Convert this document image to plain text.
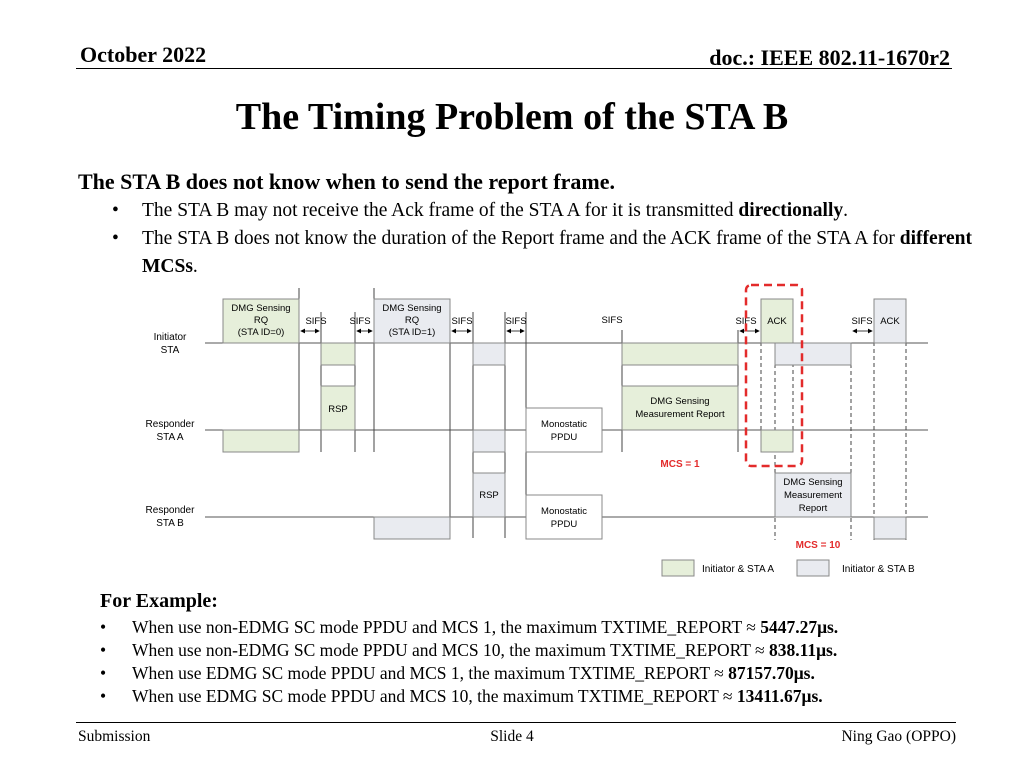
October 2022	doc.: IEEE 802.11-1670r2
The Timing Problem of the STA B
The STA B does not know when to send the report frame.
• The STA B may not receive the Ack frame of the STA A for it is transmitted directionally.
• The STA B does not know the duration of the Report frame and the ACK frame of the STA A for different MCSs.
Initiator STA
Responder STA A
Responder STA B
DMG Sensing RQ (STA ID=0)
DMG Sensing RQ (STA ID=1)
ACK	ACK
RSP
Monostatic PPDU
DMG Sensing Measurement Report
MCS = 1
RSP
Monostatic PPDU
DMG Sensing Measurement Report
MCS = 10
SIFS SIFS	SIFS	SIFS	SIFS	SIFS	SIFS
Initiator & STA A	Initiator & STA B
For Example:
• When use non-EDMG SC mode PPDU and MCS 1, the maximum TXTIME_REPORT ≈ 5447.27μs.
• When use non-EDMG SC mode PPDU and MCS 10, the maximum TXTIME_REPORT ≈ 838.11μs.
• When use EDMG SC mode PPDU and MCS 1, the maximum TXTIME_REPORT ≈ 87157.70μs.
• When use EDMG SC mode PPDU and MCS 10, the maximum TXTIME_REPORT ≈ 13411.67μs.
Submission	Slide 4	Ning Gao (OPPO)
